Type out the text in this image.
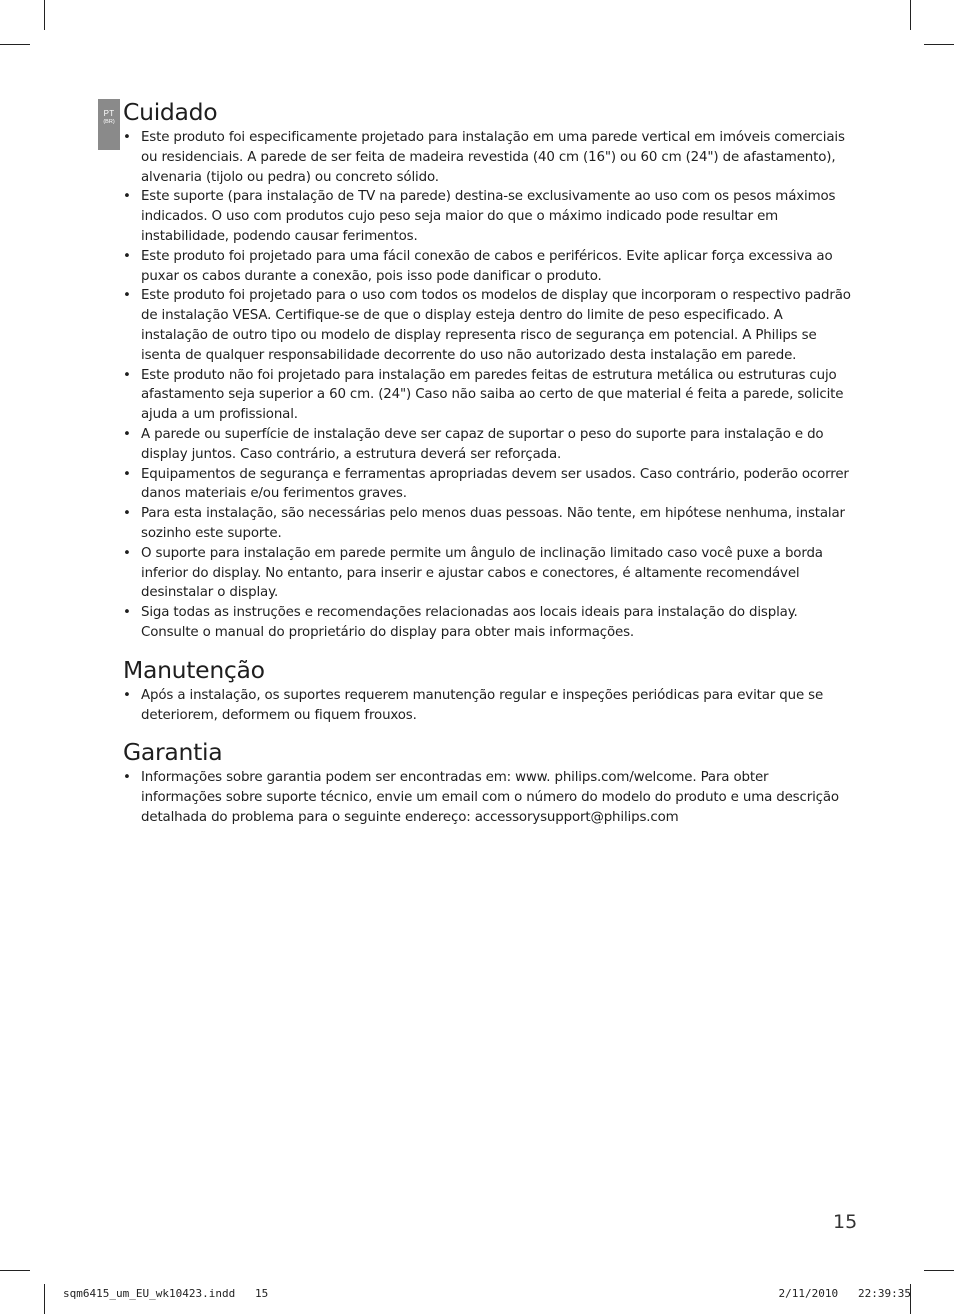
PT
(BR) Cuidado
• Este produto foi especificamente projetado para instalação em uma parede vertical em imóveis comerciais ou residenciais. A parede de ser feita de madeira revestida (40 cm (16") ou 60 cm (24") de afastamento), alvenaria (tijolo ou pedra) ou concreto sólido.
• Este suporte (para instalação de TV na parede) destina-se exclusivamente ao uso com os pesos máximos indicados. O uso com produtos cujo peso seja maior do que o máximo indicado pode resultar em instabilidade, podendo causar ferimentos.
• Este produto foi projetado para uma fácil conexão de cabos e periféricos. Evite aplicar força excessiva ao puxar os cabos durante a conexão, pois isso pode danificar o produto.
• Este produto foi projetado para o uso com todos os modelos de display que incorporam o respectivo padrão de instalação VESA. Certifique-se de que o display esteja dentro do limite de peso especificado. A instalação de outro tipo ou modelo de display representa risco de segurança em potencial. A Philips se isenta de qualquer responsabilidade decorrente do uso não autorizado desta instalação em parede.
• Este produto não foi projetado para instalação em paredes feitas de estrutura metálica ou estruturas cujo afastamento seja superior a 60 cm. (24") Caso não saiba ao certo de que material é feita a parede, solicite ajuda a um profissional.
• A parede ou superfície de instalação deve ser capaz de suportar o peso do suporte para instalação e do display juntos. Caso contrário, a estrutura deverá ser reforçada.
• Equipamentos de segurança e ferramentas apropriadas devem ser usados. Caso contrário, poderão ocorrer danos materiais e/ou ferimentos graves.
• Para esta instalação, são necessárias pelo menos duas pessoas. Não tente, em hipótese nenhuma, instalar sozinho este suporte.
• O suporte para instalação em parede permite um ângulo de inclinação limitado caso você puxe a borda inferior do display. No entanto, para inserir e ajustar cabos e conectores, é altamente recomendável desinstalar o display.
• Siga todas as instruções e recomendações relacionadas aos locais ideais para instalação do display. Consulte o manual do proprietário do display para obter mais informações.
Manutenção
• Após a instalação, os suportes requerem manutenção regular e inspeções periódicas para evitar que se deteriorem, deformem ou fiquem frouxos.
Garantia
• Informações sobre garantia podem ser encontradas em: www. philips.com/welcome. Para obter informações sobre suporte técnico, envie um email com o número do modelo do produto e uma descrição detalhada do problema para o seguinte endereço: accessorysupport@philips.com
15
sqm6415_um_EU_wk10423.indd   15	2/11/2010   22:39:35
